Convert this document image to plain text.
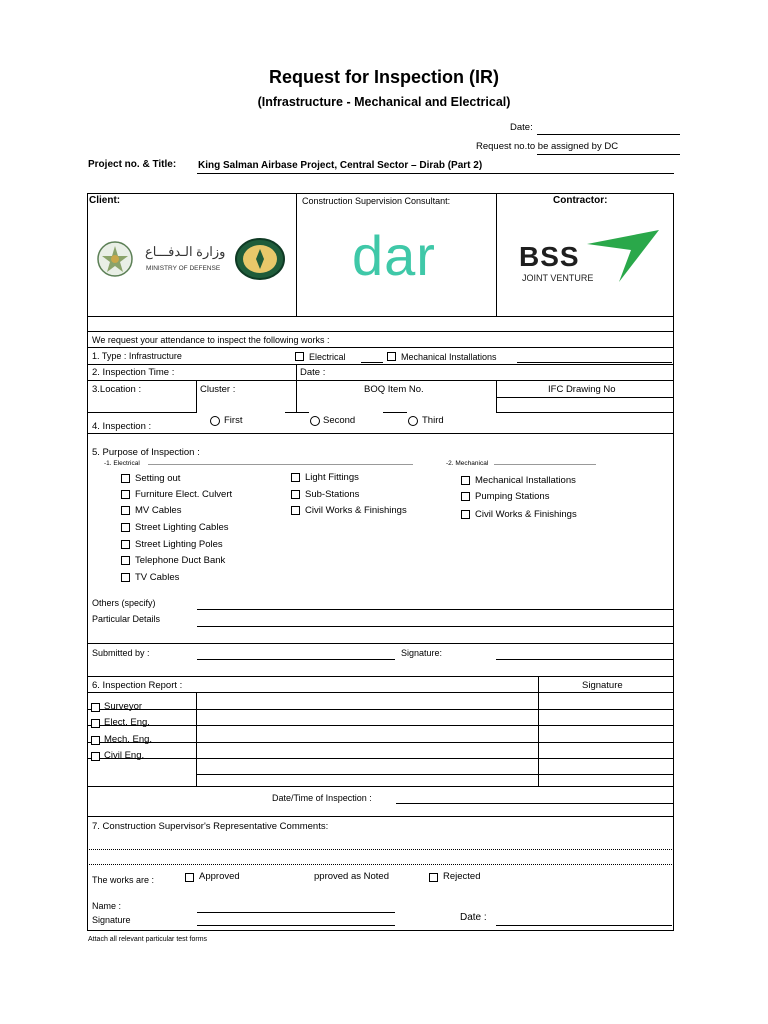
Request for Inspection (IR)
(Infrastructure - Mechanical and Electrical)
Date:
Request no.to be assigned by DC
Project no. & Title: King Salman Airbase Project, Central Sector – Dirab (Part 2)
Client:	Construction Supervision Consultant:	Contractor:
وزارة الـدفـــاع
MINISTRY OF DEFENSE dar	BSS
JOINT VENTURE
We request your attendance to inspect the following works :
1. Type : Infrastructure	Electrical	Mechanical Installations
2. Inspection Time :	Date :
3.Location :	Cluster :	BOQ Item No.	IFC Drawing No
First	Second	Third
4. Inspection :
5. Purpose of Inspection :
-1. Electrical	-2. Mechanical
Setting out
Furniture Elect. Culvert
MV Cables
Street Lighting Cables
Street Lighting Poles
Telephone Duct Bank
TV Cables
Light Fittings
Sub-Stations
Civil Works & Finishings
Mechanical Installations
Pumping Stations
Civil Works & Finishings
Others (specify)
Particular Details
Submitted by :	Signature:
6. Inspection Report :	Signature
Surveyor
Elect. Eng.
Mech. Eng.
Civil Eng.
Date/Time of Inspection :
7. Construction Supervisor's Representative Comments:
The works are :	Approved	pproved as Noted	Rejected
Name :
Signature	Date :
Attach all relevant particular test forms
